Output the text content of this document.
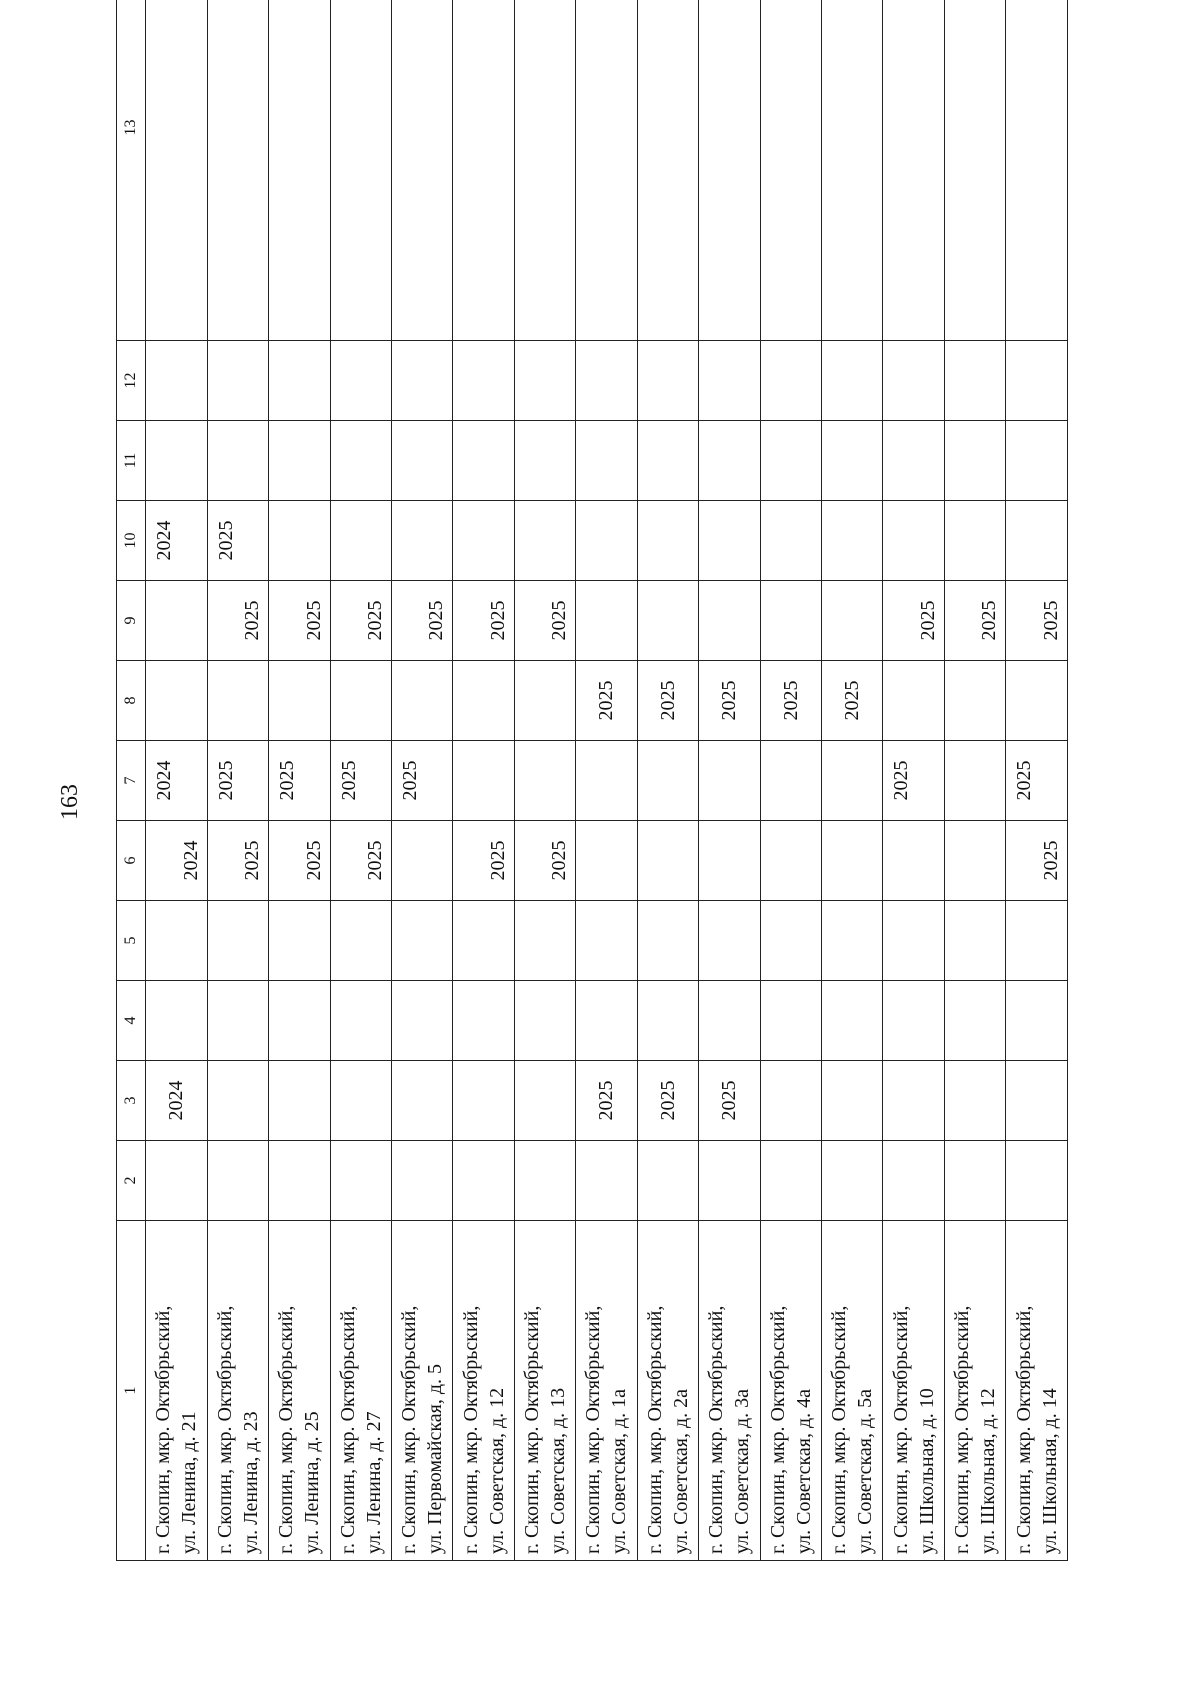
163
1	2	3	4	5	6	7	8	9	10	11	12	13

г. Скопин, мкр. Октябрьский, ул. Ленина, д. 21		2024			2024	2024			2024			

г. Скопин, мкр. Октябрьский, ул. Ленина, д. 23					2025	2025		2025	2025			

г. Скопин, мкр. Октябрьский, ул. Ленина, д. 25					2025	2025		2025				

г. Скопин, мкр. Октябрьский, ул. Ленина, д. 27					2025	2025		2025				

г. Скопин, мкр. Октябрьский, ул. Первомайская, д. 5						2025		2025				

г. Скопин, мкр. Октябрьский, ул. Советская, д. 12					2025			2025				

г. Скопин, мкр. Октябрьский, ул. Советская, д. 13					2025			2025				

г. Скопин, мкр. Октябрьский, ул. Советская, д. 1а		2025					2025					

г. Скопин, мкр. Октябрьский, ул. Советская, д. 2а		2025					2025					

г. Скопин, мкр. Октябрьский, ул. Советская, д. 3а		2025					2025					

г. Скопин, мкр. Октябрьский, ул. Советская, д. 4а							2025					

г. Скопин, мкр. Октябрьский, ул. Советская, д. 5а							2025					

г. Скопин, мкр. Октябрьский, ул. Школьная, д. 10						2025		2025				

г. Скопин, мкр. Октябрьский, ул. Школьная, д. 12								2025				

г. Скопин, мкр. Октябрьский, ул. Школьная, д. 14					2025	2025		2025				
